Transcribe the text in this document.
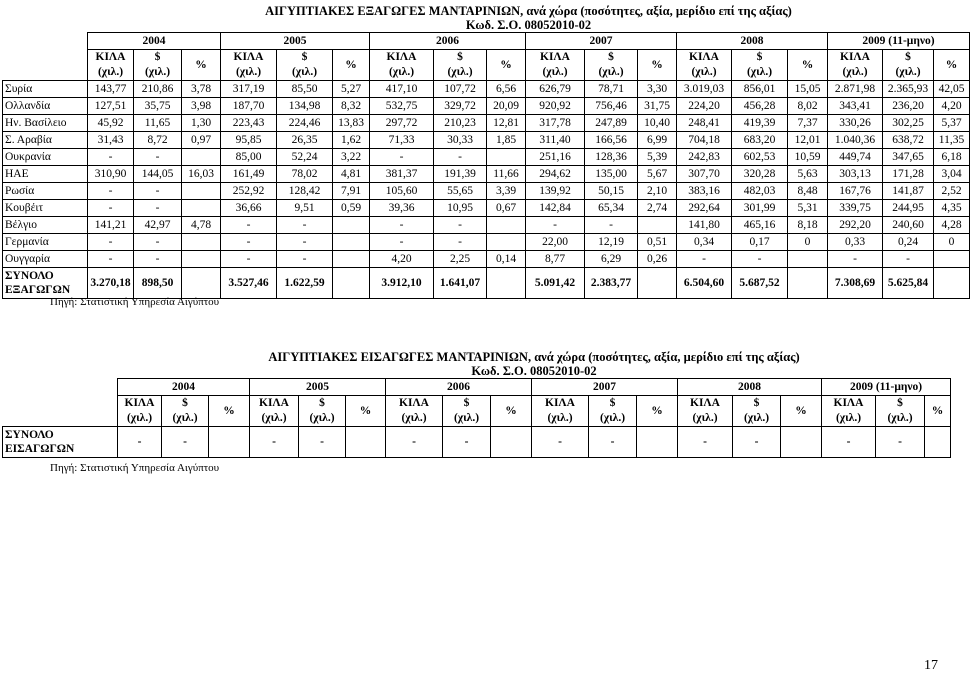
	ΑΙΓΥΠΤΙΑΚΕΣ ΕΞΑΓΩΓΕΣ ΜΑΝΤΑΡΙΝΙΩΝ, ανά χώρα (ποσότητες, αξία, μερίδιο επί της αξίας)
Κωδ. Σ.Ο. 08052010-02																	

	2004			2005			2006			2007			2008			2009 (11-μηνο)		
	ΚΙΛΑ	$	%	ΚΙΛΑ	$	%	ΚΙΛΑ	$	%	ΚΙΛΑ	$	%	ΚΙΛΑ	$	%	ΚΙΛΑ	$	%
	(χιλ.)	(χιλ.)		(χιλ.)	(χιλ.)		(χιλ.)	(χιλ.)		(χιλ.)	(χιλ.)		(χιλ.)	(χιλ.)		(χιλ.)	(χιλ.)	
Συρία	143,77	210,86	3,78	317,19	85,50	5,27	417,10	107,72	6,56	626,79	78,71	3,30	3.019,03	856,01	15,05	2.871,98	2.365,93	42,05
Ολλανδία	127,51	35,75	3,98	187,70	134,98	8,32	532,75	329,72	20,09	920,92	756,46	31,75	224,20	456,28	8,02	343,41	236,20	4,20
Ην. Βασίλειο	45,92	11,65	1,30	223,43	224,46	13,83	297,72	210,23	12,81	317,78	247,89	10,40	248,41	419,39	7,37	330,26	302,25	5,37
Σ. Αραβία	31,43	8,72	0,97	95,85	26,35	1,62	71,33	30,33	1,85	311,40	166,56	6,99	704,18	683,20	12,01	1.040,36	638,72	11,35
Ουκρανία	-	-		85,00	52,24	3,22	-	-		251,16	128,36	5,39	242,83	602,53	10,59	449,74	347,65	6,18
ΗΑΕ	310,90	144,05	16,03	161,49	78,02	4,81	381,37	191,39	11,66	294,62	135,00	5,67	307,70	320,28	5,63	303,13	171,28	3,04
Ρωσία	-	-		252,92	128,42	7,91	105,60	55,65	3,39	139,92	50,15	2,10	383,16	482,03	8,48	167,76	141,87	2,52
Κουβέιτ	-	-		36,66	9,51	0,59	39,36	10,95	0,67	142,84	65,34	2,74	292,64	301,99	5,31	339,75	244,95	4,35
Βέλγιο	141,21	42,97	4,78	-	-		-	-		-	-		141,80	465,16	8,18	292,20	240,60	4,28
Γερμανία	-	-		-	-		-	-		22,00	12,19	0,51	0,34	0,17	0	0,33	0,24	0
Ουγγαρία	-	-		-	-		4,20	2,25	0,14	8,77	6,29	0,26	-	-		-	-	
ΣΥΝΟΛΟ
ΕΞΑΓΩΓΩΝ	3.270,18	898,50		3.527,46	1.622,59		3.912,10	1.641,07		5.091,42	2.383,77		6.504,60	5.687,52		7.308,69	5.625,84	
Πηγή: Στατιστική Υπηρεσία Αιγύπτου

	ΑΙΓΥΠΤΙΑΚΕΣ ΕΙΣΑΓΩΓΕΣ ΜΑΝΤΑΡΙΝΙΩΝ, ανά χώρα (ποσότητες, αξία, μερίδιο επί της αξίας)
Κωδ. Σ.Ο. 08052010-02																	

	2004			2005			2006			2007			2008			2009 (11-μηνο)		
	ΚΙΛΑ	$	%	ΚΙΛΑ	$	%	ΚΙΛΑ	$	%	ΚΙΛΑ	$	%	ΚΙΛΑ	$	%	ΚΙΛΑ	$	%
	(χιλ.)	(χιλ.)		(χιλ.)	(χιλ.)		(χιλ.)	(χιλ.)		(χιλ.)	(χιλ.)		(χιλ.)	(χιλ.)		(χιλ.)	(χιλ.)	
ΣΥΝΟΛΟ
ΕΙΣΑΓΩΓΩΝ	-	-		-	-		-	-		-	-		-	-		-	-	
Πηγή: Στατιστική Υπηρεσία Αιγύπτου
17
